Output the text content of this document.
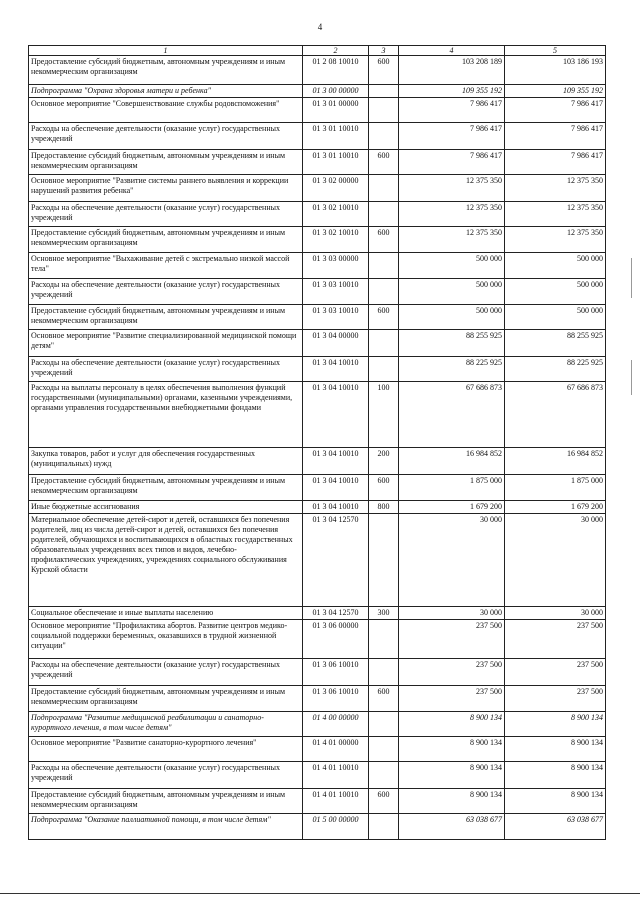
4
1	2	3	4	5
Предоставление субсидий бюджетным, автономным учреждениям и иным некоммерческим организациям	01 2 08 10010	600	103 208 189	103 186 193
Подпрограмма "Охрана здоровья матери и ребенка"	01 3 00 00000		109 355 192	109 355 192
Основное мероприятие "Совершенствование службы родовспоможения"	01 3 01 00000		7 986 417	7 986 417
Расходы на обеспечение деятельности (оказание услуг) государственных учреждений	01 3 01 10010		7 986 417	7 986 417
Предоставление субсидий бюджетным, автономным учреждениям и иным некоммерческим организациям	01 3 01 10010	600	7 986 417	7 986 417
Основное мероприятие "Развитие системы раннего выявления и коррекции нарушений развития ребенка"	01 3 02 00000		12 375 350	12 375 350
Расходы на обеспечение деятельности (оказание услуг) государственных учреждений	01 3 02 10010		12 375 350	12 375 350
Предоставление субсидий бюджетным, автономным учреждениям и иным некоммерческим организациям	01 3 02 10010	600	12 375 350	12 375 350
Основное мероприятие "Выхаживание детей с экстремально низкой массой тела"	01 3 03 00000		500 000	500 000
Расходы на обеспечение деятельности (оказание услуг) государственных учреждений	01 3 03 10010		500 000	500 000
Предоставление субсидий бюджетным, автономным учреждениям и иным некоммерческим организациям	01 3 03 10010	600	500 000	500 000
Основное мероприятие "Развитие специализированной медицинской помощи детям"	01 3 04 00000		88 255 925	88 255 925
Расходы на обеспечение деятельности (оказание услуг) государственных учреждений	01 3 04 10010		88 225 925	88 225 925
Расходы на выплаты персоналу в целях обеспечения выполнения функций государственными (муниципальными) органами, казенными учреждениями, органами управления государственными внебюджетными фондами	01 3 04 10010	100	67 686 873	67 686 873
Закупка товаров, работ и услуг для обеспечения государственных (муниципальных) нужд	01 3 04 10010	200	16 984 852	16 984 852
Предоставление субсидий бюджетным, автономным учреждениям и иным некоммерческим организациям	01 3 04 10010	600	1 875 000	1 875 000
Иные бюджетные ассигнования	01 3 04 10010	800	1 679 200	1 679 200
Материальное обеспечение детей-сирот и детей, оставшихся без попечения родителей, лиц из числа детей-сирот и детей, оставшихся без попечения родителей, обучающихся и воспитывающихся в областных государственных образовательных учреждениях всех типов и видов, лечебно-профилактических учреждениях, учреждениях социального обслуживания Курской области	01 3 04 12570		30 000	30 000
Социальное обеспечение и иные выплаты населению	01 3 04 12570	300	30 000	30 000
Основное мероприятие "Профилактика абортов. Развитие центров медико-социальной поддержки беременных, оказавшихся в трудной жизненной ситуации"	01 3 06 00000		237 500	237 500
Расходы на обеспечение деятельности (оказание услуг) государственных учреждений	01 3 06 10010		237 500	237 500
Предоставление субсидий бюджетным, автономным учреждениям и иным некоммерческим организациям	01 3 06 10010	600	237 500	237 500
Подпрограмма "Развитие медицинской реабилитации и санаторно-курортного лечения, в том числе детям"	01 4 00 00000		8 900 134	8 900 134
Основное мероприятие "Развитие санаторно-курортного лечения"	01 4 01 00000		8 900 134	8 900 134
Расходы на обеспечение деятельности (оказание услуг) государственных учреждений	01 4 01 10010		8 900 134	8 900 134
Предоставление субсидий бюджетным, автономным учреждениям и иным некоммерческим организациям	01 4 01 10010	600	8 900 134	8 900 134
Подпрограмма "Оказание паллиативной помощи, в том числе детям"	01 5 00 00000		63 038 677	63 038 677
